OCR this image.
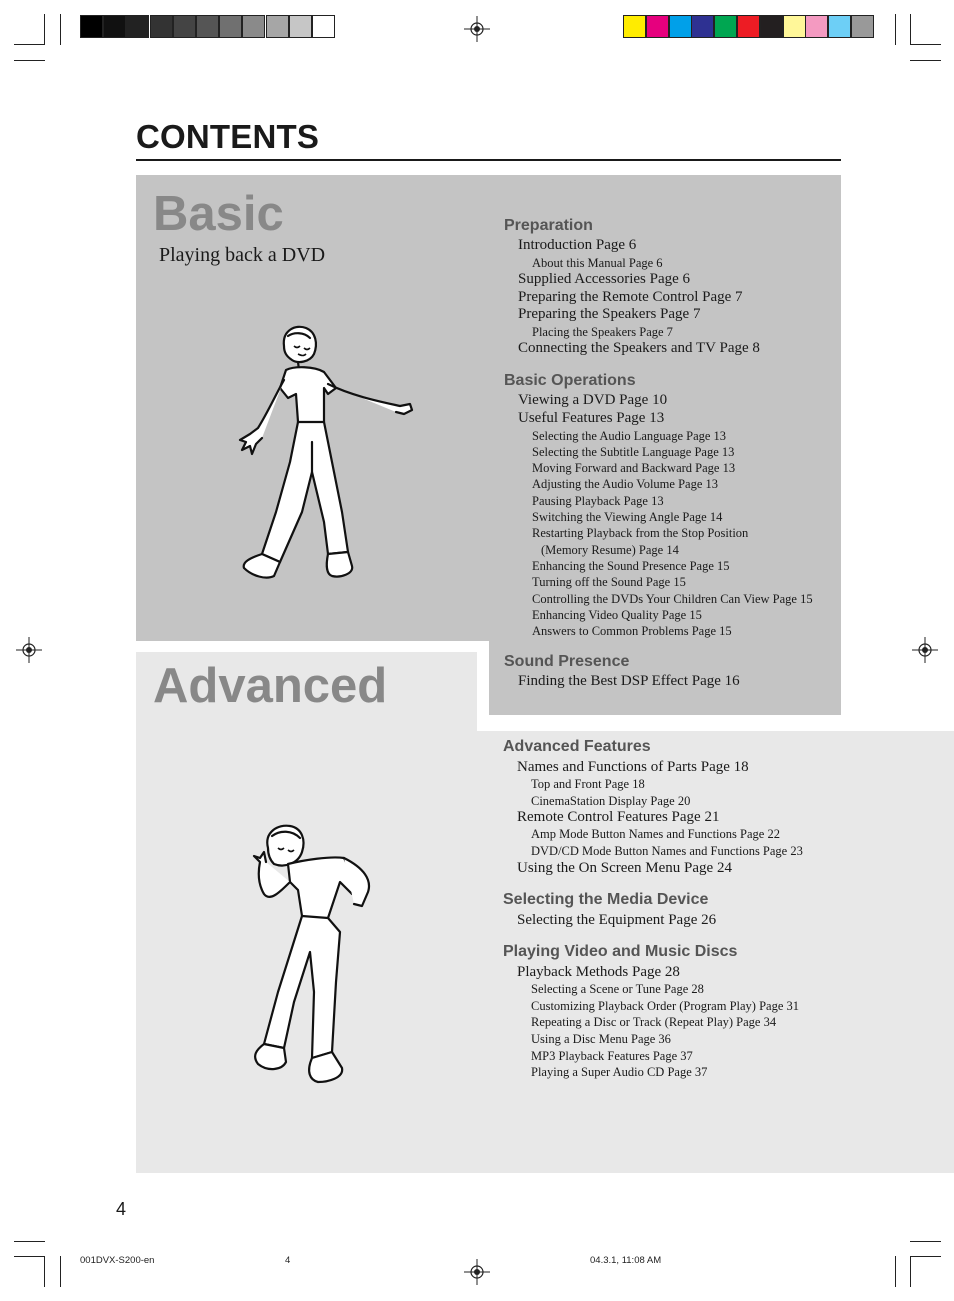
CONTENTS
Basic
Playing back a DVD
Advanced
Preparation
Introduction Page 6
About this Manual Page 6
Supplied Accessories Page 6
Preparing the Remote Control Page 7
Preparing the Speakers Page 7
Placing the Speakers Page 7
Connecting the Speakers and TV Page 8
Basic Operations
Viewing a DVD Page 10
Useful Features Page 13
Selecting the Audio Language Page 13
Selecting the Subtitle Language Page 13
Moving Forward and Backward Page 13
Adjusting the Audio Volume Page 13
Pausing Playback Page 13
Switching the Viewing Angle Page 14
Restarting Playback from the Stop Position
(Memory Resume) Page 14
Enhancing the Sound Presence Page 15
Turning off the Sound Page 15
Controlling the DVDs Your Children Can View Page 15
Enhancing Video Quality Page 15
Answers to Common Problems Page 15
Sound Presence
Finding the Best DSP Effect Page 16
Advanced Features
Names and Functions of Parts Page 18
Top and Front Page 18
CinemaStation Display Page 20
Remote Control Features Page 21
Amp Mode Button Names and Functions Page 22
DVD/CD Mode Button Names and Functions Page 23
Using the On Screen Menu Page 24
Selecting the Media Device
Selecting the Equipment Page 26
Playing Video and Music Discs
Playback Methods Page 28
Selecting a Scene or Tune Page 28
Customizing Playback Order (Program Play) Page 31
Repeating a Disc or Track (Repeat Play) Page 34
Using a Disc Menu Page 36
MP3 Playback Features Page 37
Playing a Super Audio CD Page 37
4
001DVX-S200-en	4	04.3.1, 11:08 AM
